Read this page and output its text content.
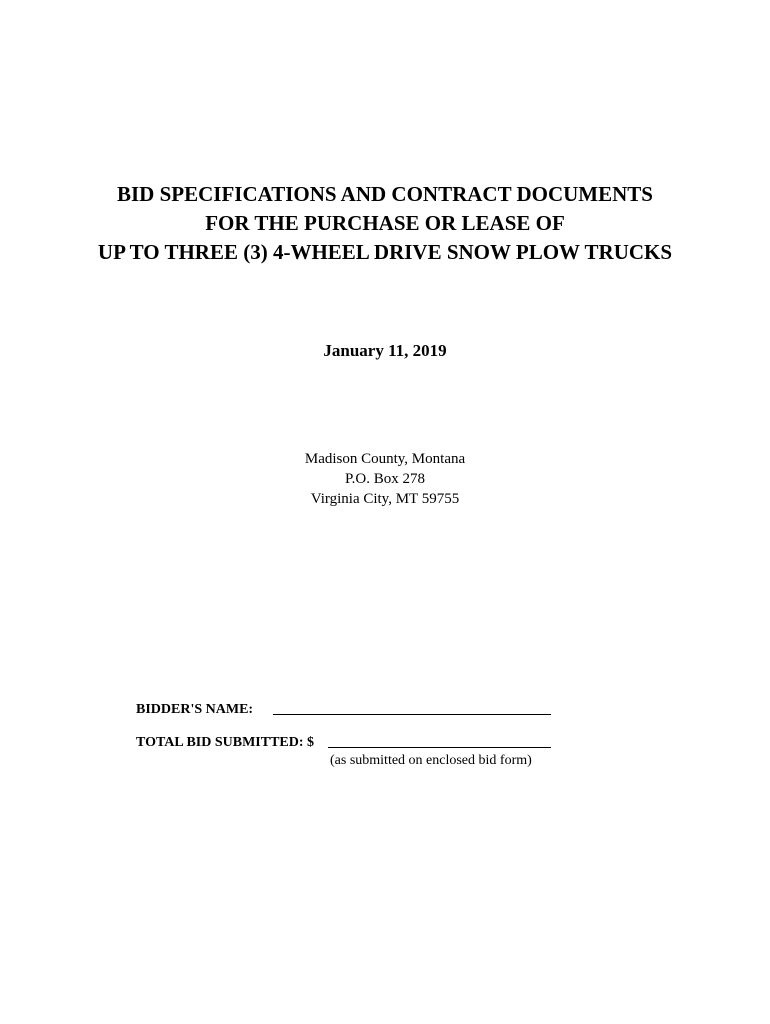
BID SPECIFICATIONS AND CONTRACT DOCUMENTS
FOR THE PURCHASE OR LEASE OF
UP TO THREE (3) 4-WHEEL DRIVE SNOW PLOW TRUCKS
January 11, 2019
Madison County, Montana
P.O. Box 278
Virginia City, MT 59755
BIDDER'S NAME:
TOTAL BID SUBMITTED: $
(as submitted on enclosed bid form)
